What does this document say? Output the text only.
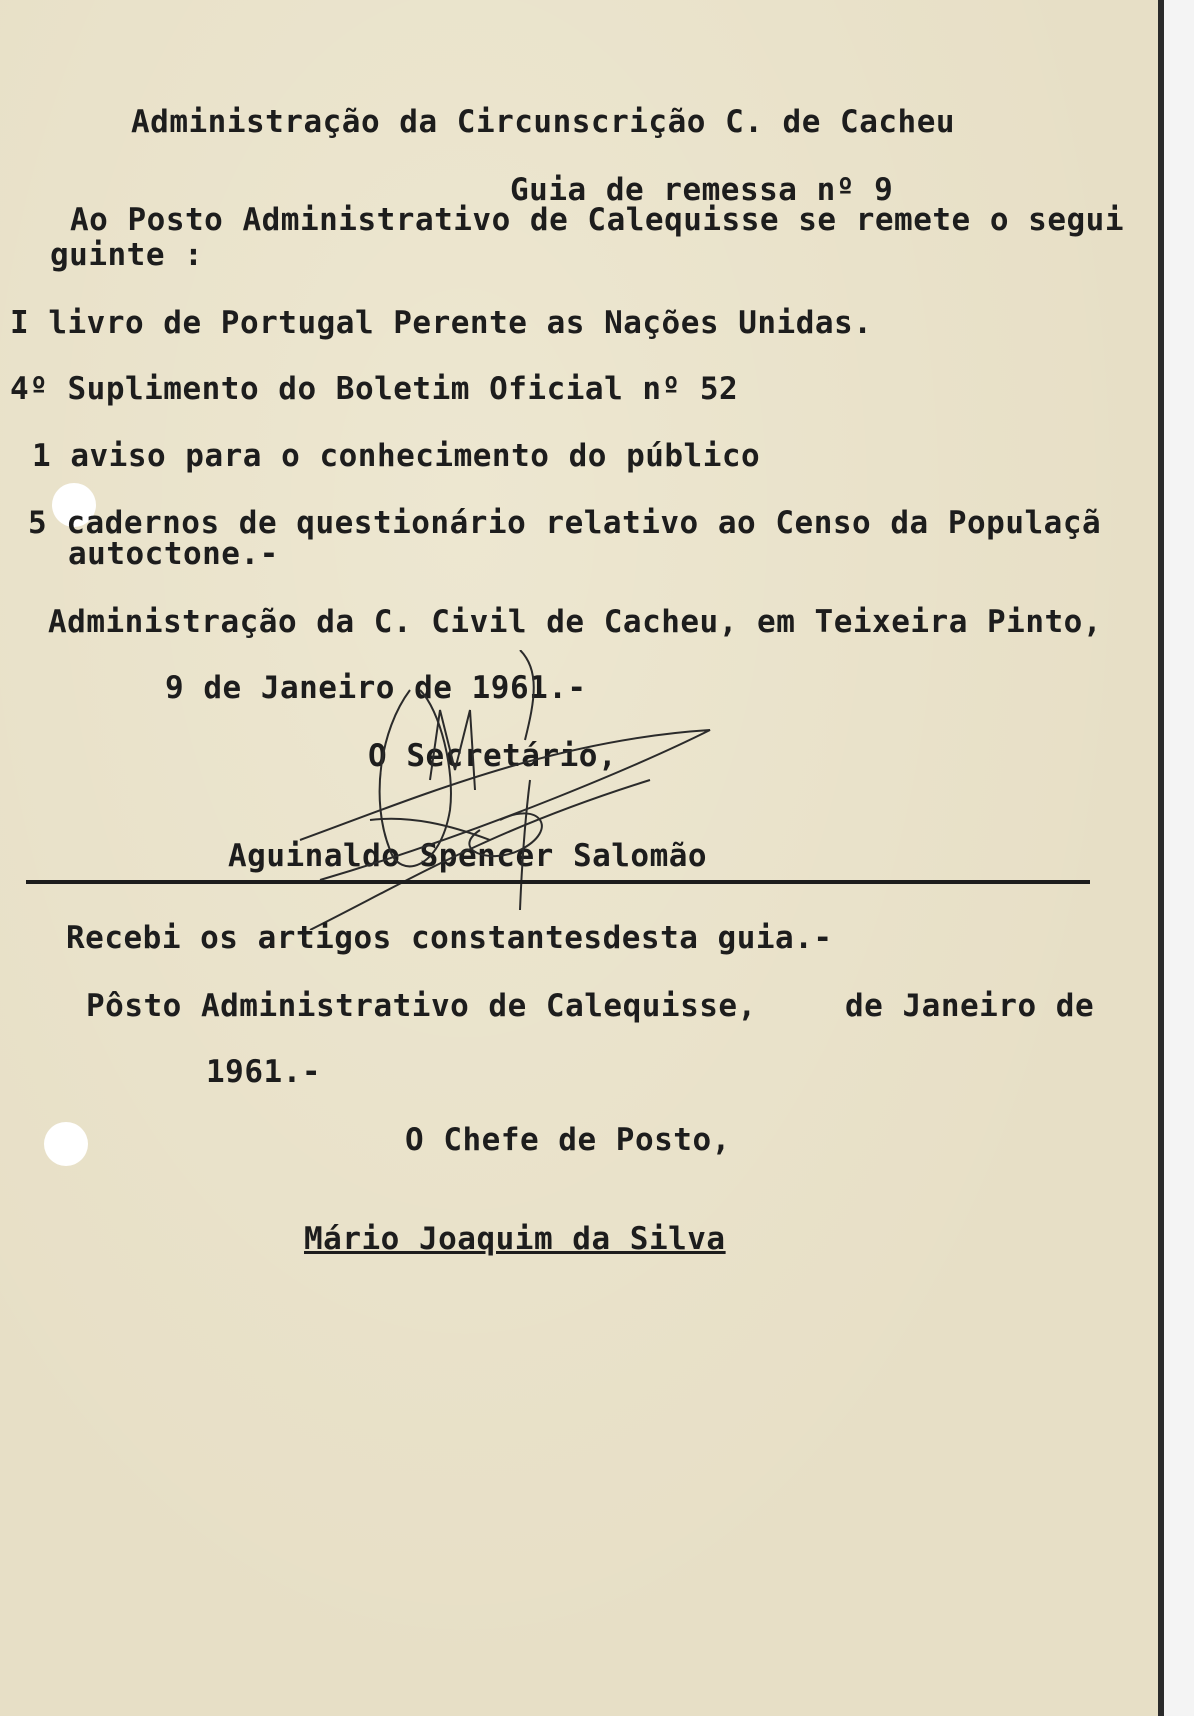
Administração da Circunscrição C. de Cacheu
Guia de remessa nº 9
Ao Posto Administrativo de Calequisse se remete o segui
guinte :
I livro de Portugal Perente as Nações Unidas.
4º Suplimento do Boletim Oficial nº 52
1 aviso para o conhecimento do público
5 cadernos de questionário relativo ao Censo da Populaçã
autoctone.-
Administração da C. Civil de Cacheu, em Teixeira Pinto,
9 de Janeiro de 1961.-
O Secretário,
Aguinaldo Spencer Salomão
Recebi os artigos constantesdesta guia.-
Pôsto Administrativo de Calequisse,	de Janeiro de
1961.-
O Chefe de Posto,
Mário Joaquim da Silva
